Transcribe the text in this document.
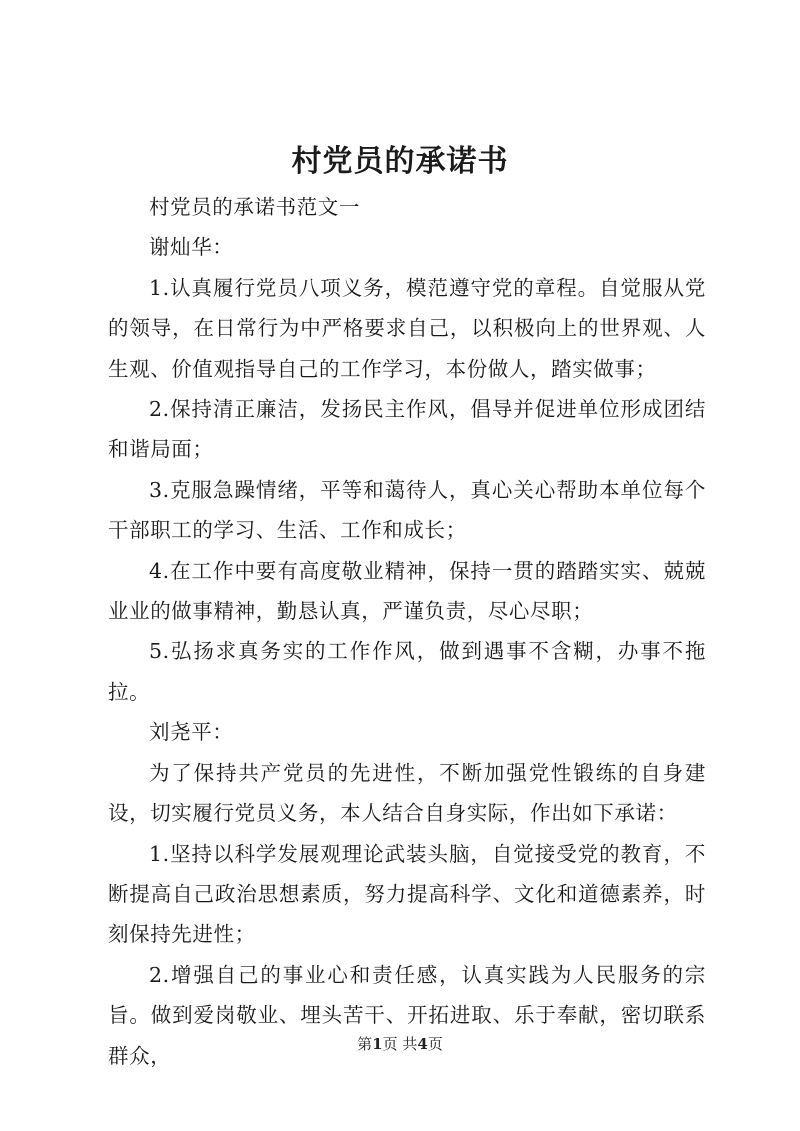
村党员的承诺书

村党员的承诺书范文一

谢灿华：

1.认真履行党员八项义务，模范遵守党的章程。自觉服从党的领导，在日常行为中严格要求自己，以积极向上的世界观、人生观、价值观指导自己的工作学习，本份做人，踏实做事；

2.保持清正廉洁，发扬民主作风，倡导并促进单位形成团结和谐局面；

3.克服急躁情绪，平等和蔼待人，真心关心帮助本单位每个干部职工的学习、生活、工作和成长；

4.在工作中要有高度敬业精神，保持一贯的踏踏实实、兢兢业业的做事精神，勤恳认真，严谨负责，尽心尽职；

5.弘扬求真务实的工作作风，做到遇事不含糊，办事不拖拉。

刘尧平：

为了保持共产党员的先进性，不断加强党性锻练的自身建设，切实履行党员义务，本人结合自身实际，作出如下承诺：

1.坚持以科学发展观理论武装头脑，自觉接受党的教育，不断提高自己政治思想素质，努力提高科学、文化和道德素养，时刻保持先进性；

2.增强自己的事业心和责任感，认真实践为人民服务的宗旨。做到爱岗敬业、埋头苦干、开拓进取、乐于奉献，密切联系群众，	第1页 共4页
